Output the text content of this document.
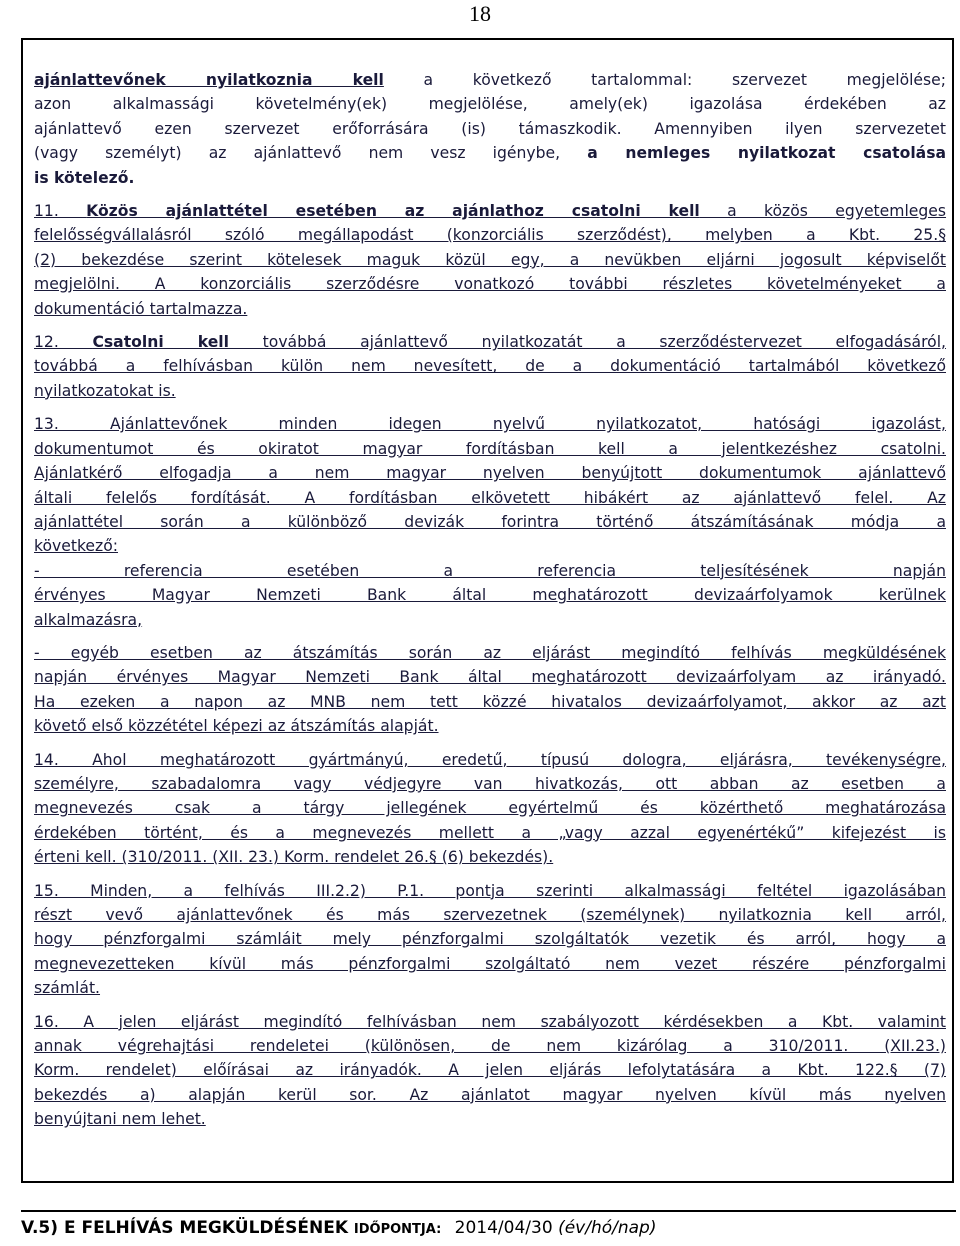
18

ajánlattevőnek nyilatkoznia kell a következő tartalommal: szervezet megjelölése;
azon alkalmassági követelmény(ek) megjelölése, amely(ek) igazolása érdekében az
ajánlattevő ezen szervezet erőforrására (is) támaszkodik. Amennyiben ilyen szervezetet
(vagy személyt) az ajánlattevő nem vesz igénybe, a nemleges nyilatkozat csatolása
is kötelező.

11. Közös ajánlattétel esetében az ajánlathoz csatolni kell a közös egyetemleges
felelősségvállalásról szóló megállapodást (konzorciális szerződést), melyben a Kbt. 25.§
(2) bekezdése szerint kötelesek maguk közül egy, a nevükben eljárni jogosult képviselőt
megjelölni. A konzorciális szerződésre vonatkozó további részletes követelményeket a
dokumentáció tartalmazza.

12. Csatolni kell továbbá ajánlattevő nyilatkozatát a szerződéstervezet elfogadásáról,
továbbá a felhívásban külön nem nevesített, de a dokumentáció tartalmából következő
nyilatkozatokat is.

13. Ajánlattevőnek minden idegen nyelvű nyilatkozatot, hatósági igazolást,
dokumentumot és okiratot magyar fordításban kell a jelentkezéshez csatolni.
Ajánlatkérő elfogadja a nem magyar nyelven benyújtott dokumentumok ajánlattevő
általi felelős fordítását. A fordításban elkövetett hibákért az ajánlattevő felel. Az
ajánlattétel során a különböző devizák forintra történő átszámításának módja a
következő:
- referencia esetében a referencia teljesítésének napján
érvényes Magyar Nemzeti Bank által meghatározott devizaárfolyamok kerülnek
alkalmazásra,

- egyéb esetben az átszámítás során az eljárást megindító felhívás megküldésének
napján érvényes Magyar Nemzeti Bank által meghatározott devizaárfolyam az irányadó.
Ha ezeken a napon az MNB nem tett közzé hivatalos devizaárfolyamot, akkor az azt
követő első közzététel képezi az átszámítás alapját.

14. Ahol meghatározott gyártmányú, eredetű, típusú dologra, eljárásra, tevékenységre,
személyre, szabadalomra vagy védjegyre van hivatkozás, ott abban az esetben a
megnevezés csak a tárgy jellegének egyértelmű és közérthető meghatározása
érdekében történt, és a megnevezés mellett a „vagy azzal egyenértékű” kifejezést is
érteni kell. (310/2011. (XII. 23.) Korm. rendelet 26.§ (6) bekezdés).

15. Minden, a felhívás III.2.2) P.1. pontja szerinti alkalmassági feltétel igazolásában
részt vevő ajánlattevőnek és más szervezetnek (személynek) nyilatkoznia kell arról,
hogy pénzforgalmi számláit mely pénzforgalmi szolgáltatók vezetik és arról, hogy a
megnevezetteken kívül más pénzforgalmi szolgáltató nem vezet részére pénzforgalmi
számlát.

16. A jelen eljárást megindító felhívásban nem szabályozott kérdésekben a Kbt. valamint
annak végrehajtási rendeletei (különösen, de nem kizárólag a 310/2011. (XII.23.)
Korm. rendelet) előírásai az irányadók. A jelen eljárás lefolytatására a Kbt. 122.§ (7)
bekezdés a) alapján kerül sor. Az ajánlatot magyar nyelven kívül más nyelven
benyújtani nem lehet.

V.5) E FELHÍVÁS MEGKÜLDÉSÉNEK IDŐPONTJA: 2014/04/30 (év/hó/nap)
